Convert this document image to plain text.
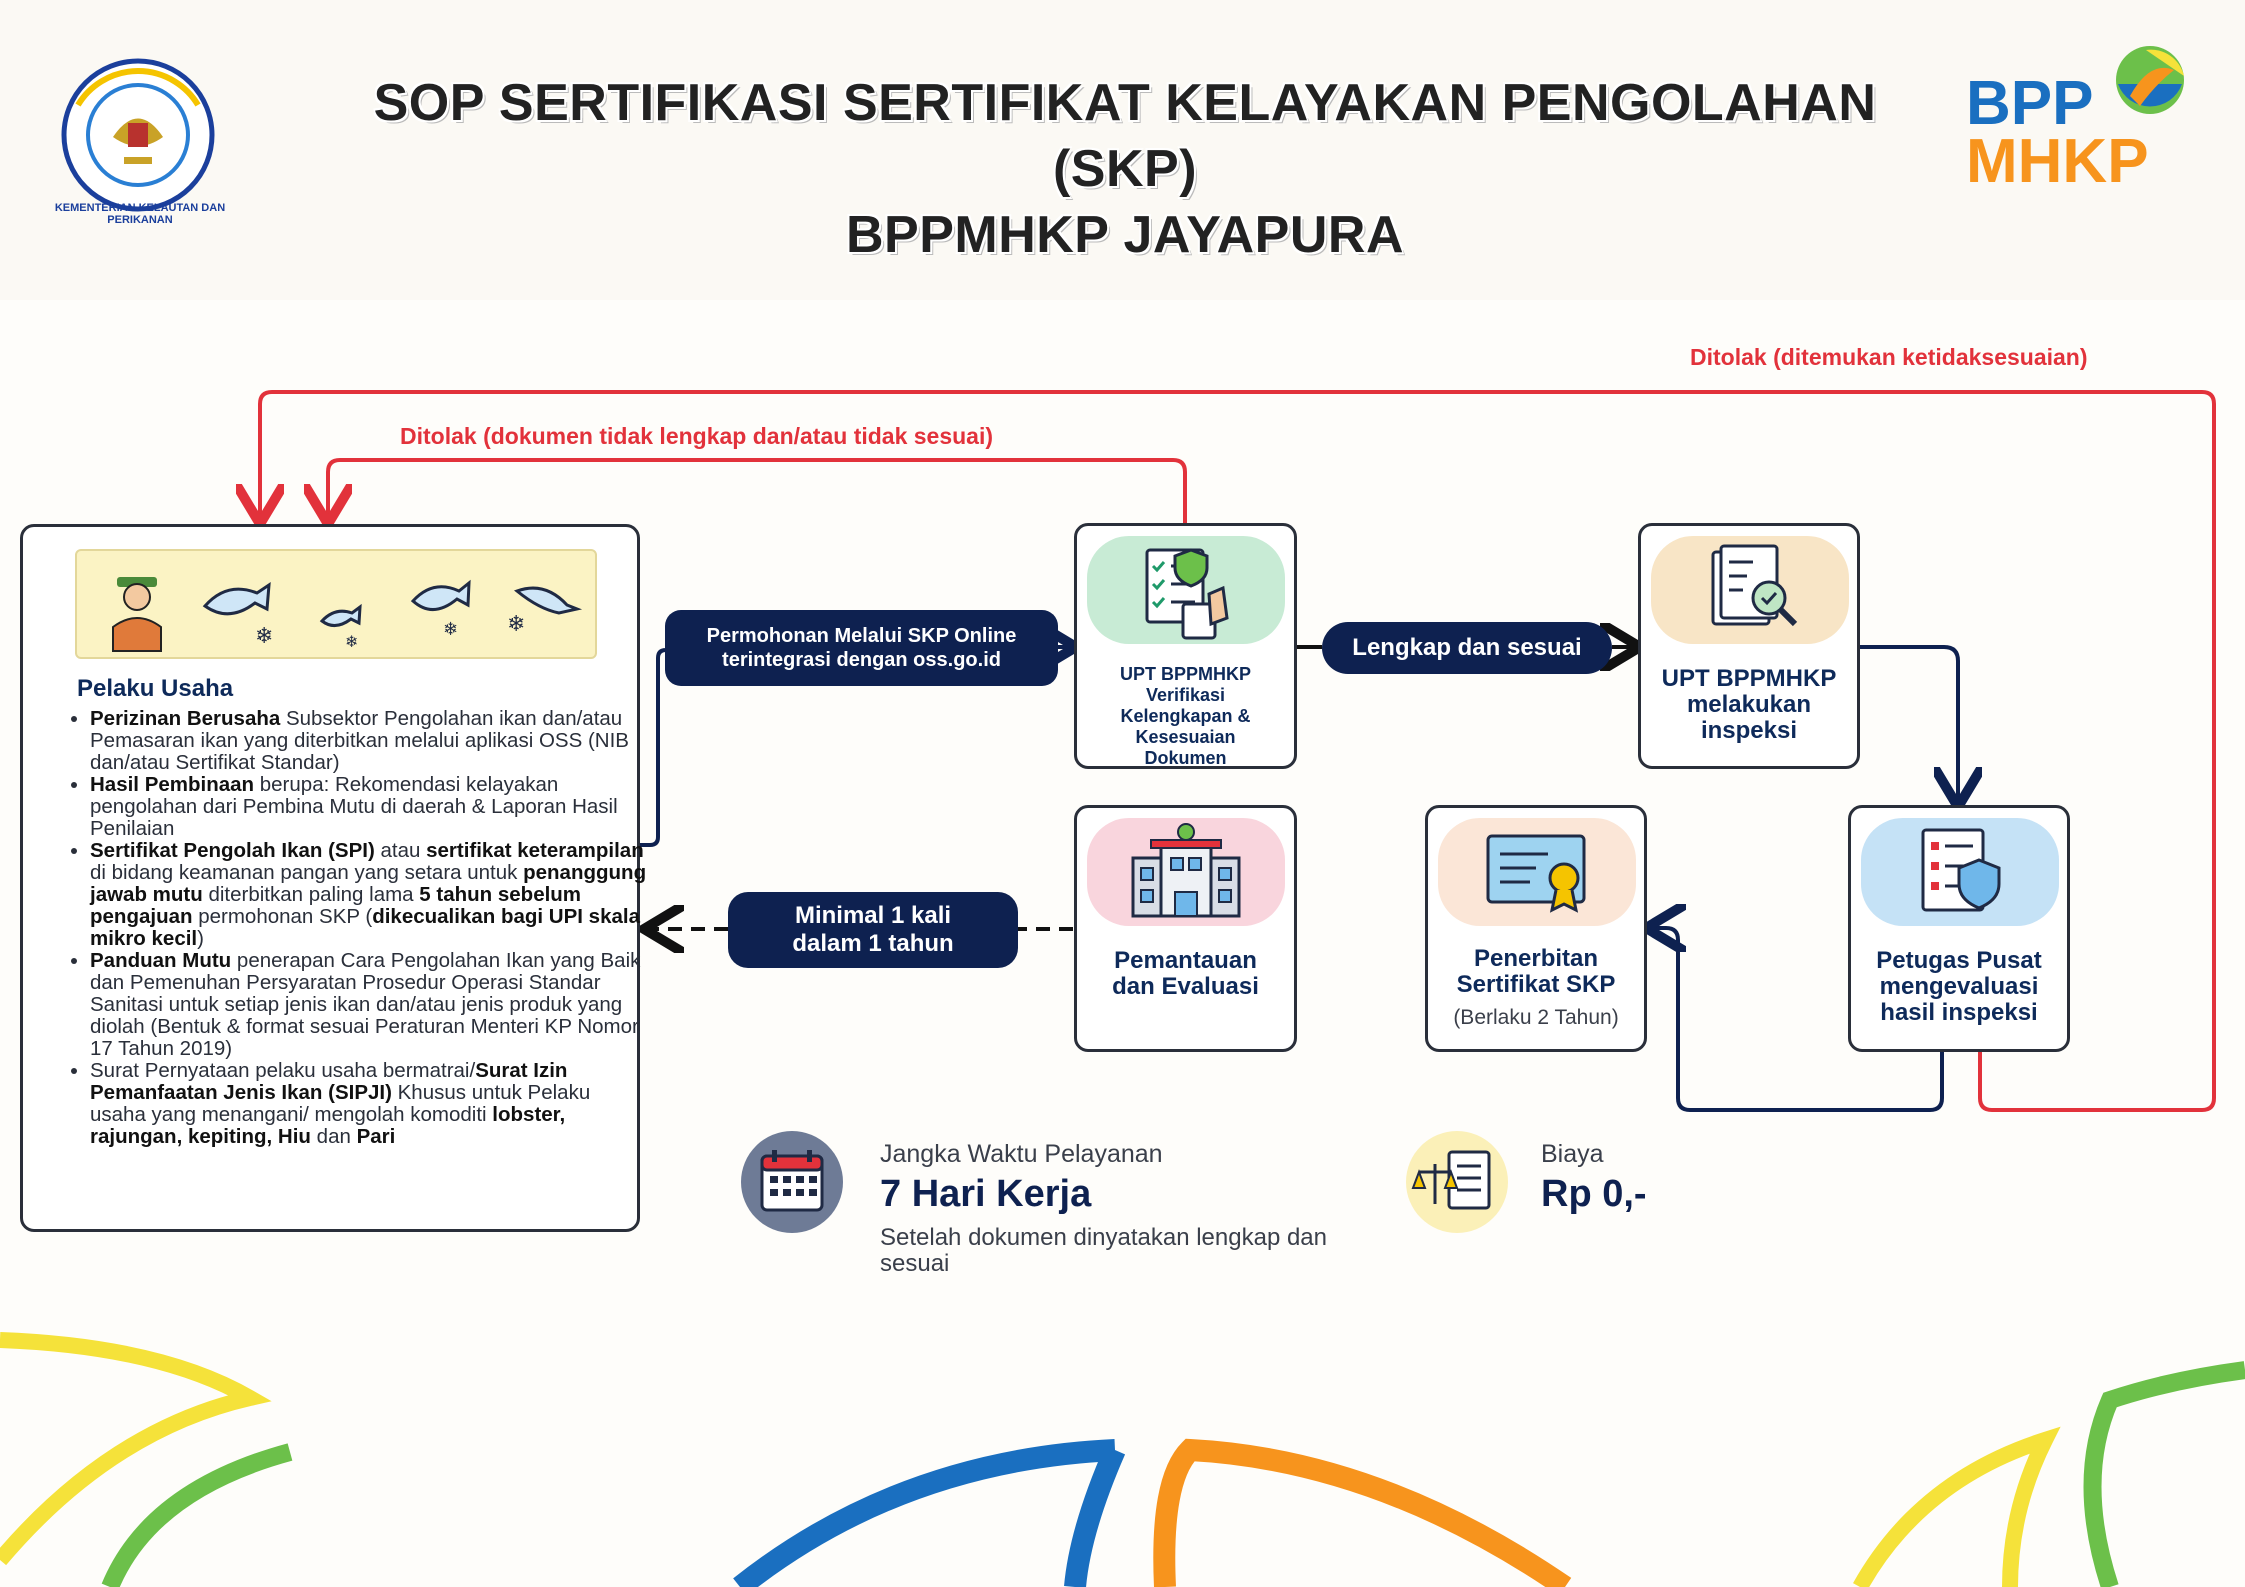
KEMENTERIAN KELAUTAN DAN PERIKANAN
SOP SERTIFIKASI SERTIFIKAT KELAYAKAN PENGOLAHAN
(SKP)
BPPMHKP JAYAPURA
BPP
MHKP
Ditolak (ditemukan ketidaksesuaian)
Ditolak (dokumen tidak lengkap dan/atau tidak sesuai)
❄	❄
❄ ❄
Pelaku Usaha
• Perizinan Berusaha Subsektor Pengolahan ikan dan/atau Pemasaran ikan yang diterbitkan melalui aplikasi OSS (NIB dan/atau Sertifikat Standar)
• Hasil Pembinaan berupa: Rekomendasi kelayakan pengolahan dari Pembina Mutu di daerah & Laporan Hasil Penilaian
• Sertifikat Pengolah Ikan (SPI) atau sertifikat keterampilan di bidang keamanan pangan yang setara untuk penanggung jawab mutu diterbitkan paling lama 5 tahun sebelum pengajuan permohonan SKP (dikecualikan bagi UPI skala mikro kecil)
• Panduan Mutu penerapan Cara Pengolahan Ikan yang Baik dan Pemenuhan Persyaratan Prosedur Operasi Standar Sanitasi untuk setiap jenis ikan dan/atau jenis produk yang diolah (Bentuk & format sesuai Peraturan Menteri KP Nomor 17 Tahun 2019)
• Surat Pernyataan pelaku usaha bermatrai/Surat Izin Pemanfaatan Jenis Ikan (SIPJI) Khusus untuk Pelaku usaha yang menangani/ mengolah komoditi lobster, rajungan, kepiting, Hiu dan Pari
Permohonan Melalui SKP Online terintegrasi dengan oss.go.id
UPT BPPMHKP Verifikasi Kelengkapan & Kesesuaian Dokumen
Lengkap dan sesuai
UPT BPPMHKP melakukan inspeksi
Petugas Pusat mengevaluasi hasil inspeksi
Penerbitan Sertifikat SKP
(Berlaku 2 Tahun)
Pemantauan dan Evaluasi
Minimal 1 kali dalam 1 tahun
Jangka Waktu Pelayanan
7 Hari Kerja
Setelah dokumen dinyatakan lengkap dan sesuai
Biaya
Rp 0,-
